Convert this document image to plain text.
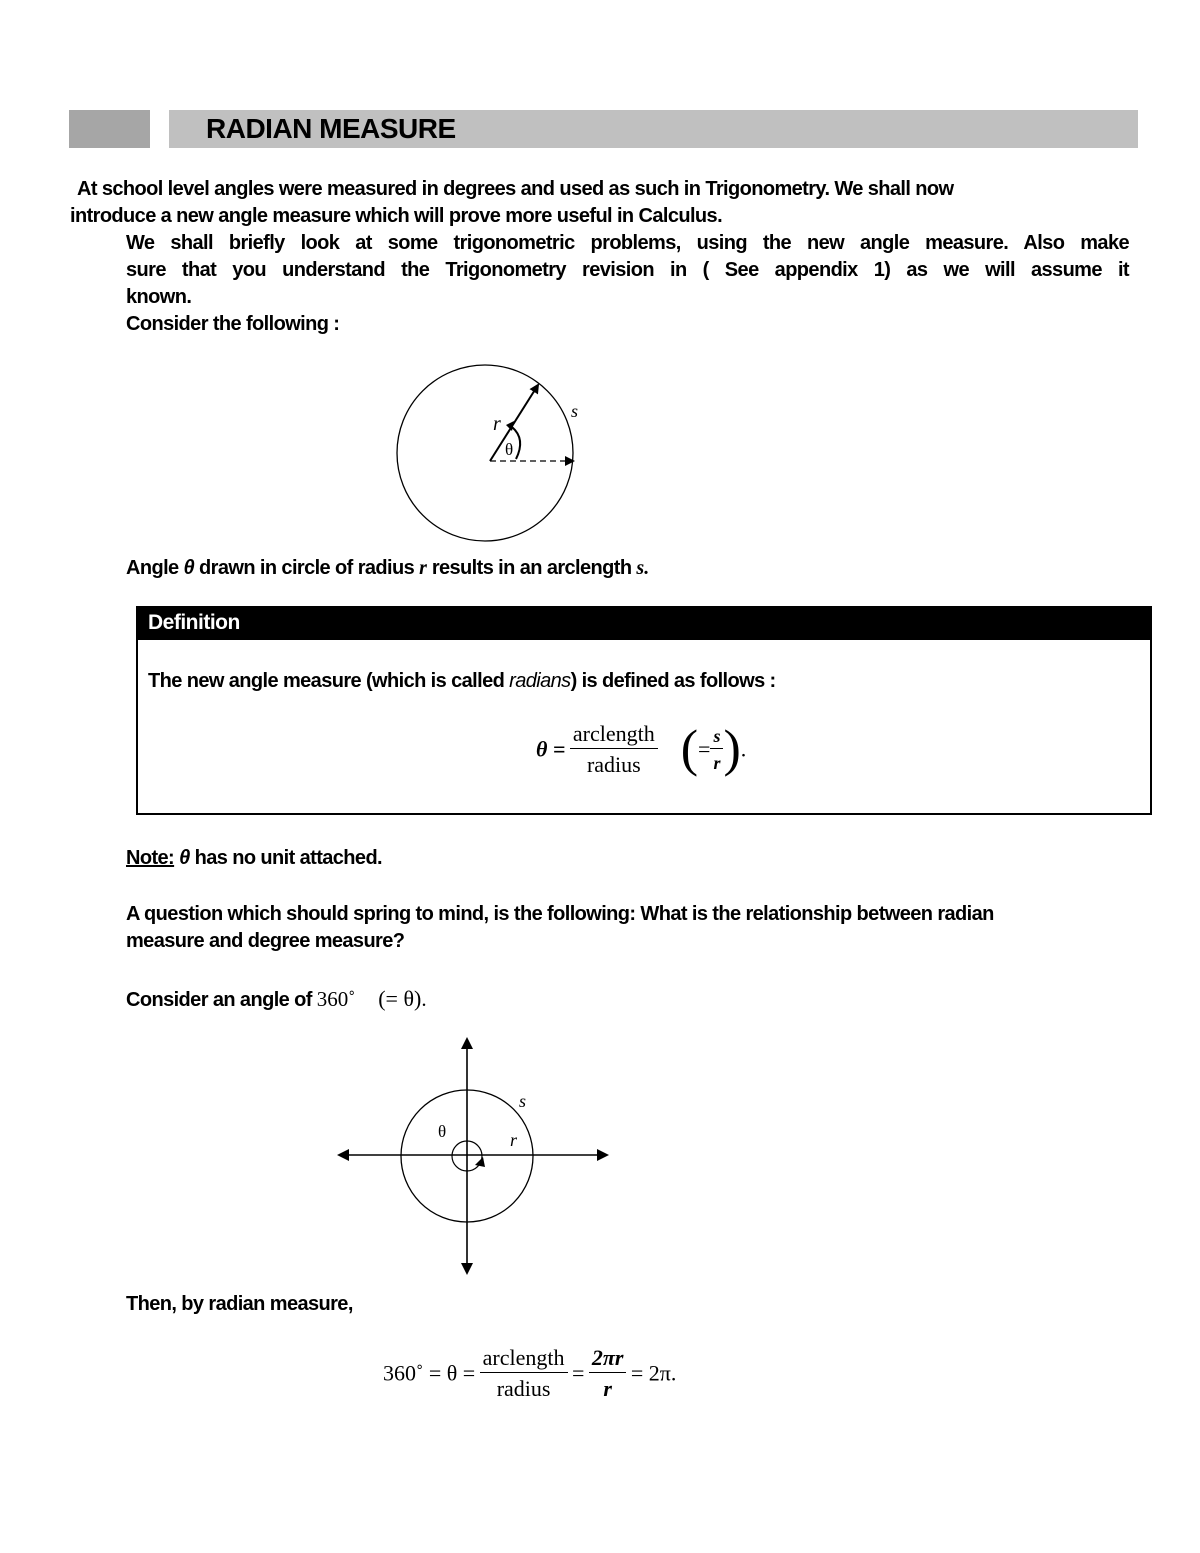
RADIAN MEASURE
At school level angles were measured in degrees and used as such in Trigonometry. We shall now
introduce a new angle measure which will prove more useful in Calculus.
We shall briefly look at some trigonometric problems, using the new angle measure. Also make
sure that you understand the Trigonometry revision in ( See appendix 1) as we will assume it
known.
Consider the following :
r
s
θ
Angle θ drawn in circle of radius r results in an arclength s.
Definition
The new angle measure (which is called radians) is defined as follows :
$\theta = \frac{\text{arclength}}{\text{radius}}$ (= $\frac{s}{r}$ ).
Note: θ has no unit attached.
A question which should spring to mind, is the following: What is the relationship between radian
measure and degree measure?
Consider an angle of 360˚ (= θ).
s
r
θ
Then, by radian measure,
360˚ = $\theta = \frac{\text{arclength}}{\text{radius}} = \frac{2\pi r}{r} = 2\pi$.
